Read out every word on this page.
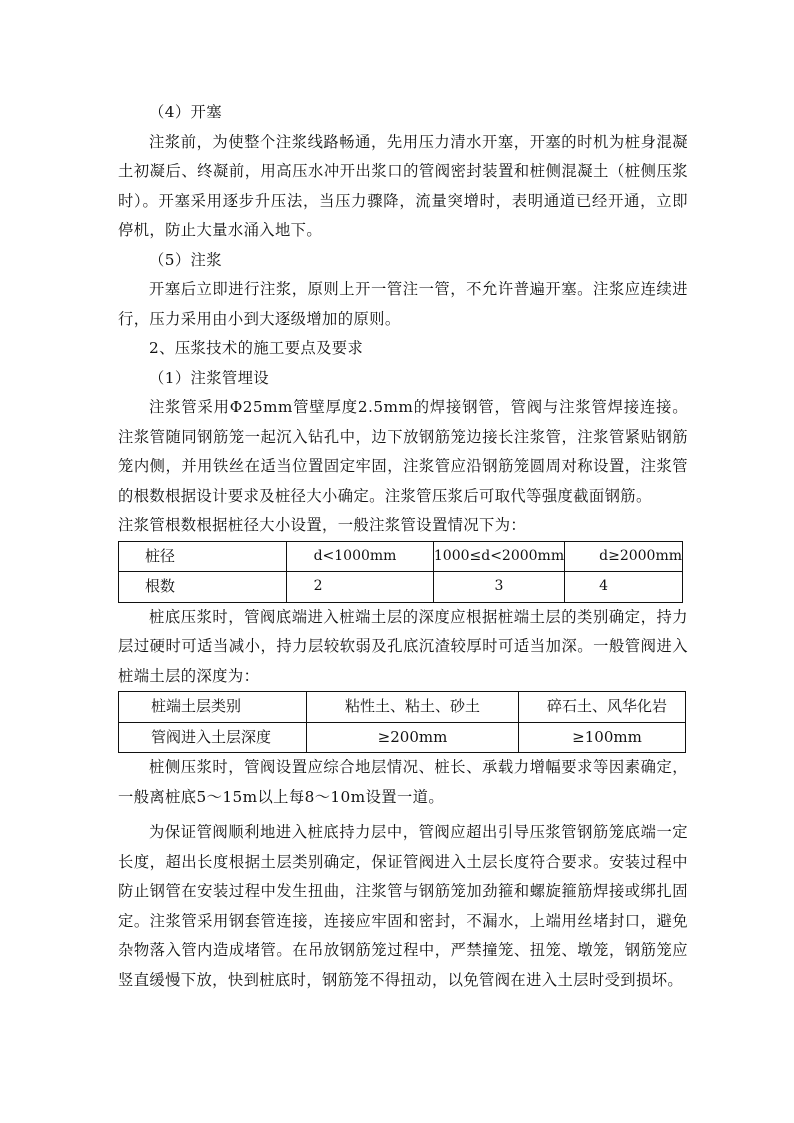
（4）开塞

注浆前，为使整个注浆线路畅通，先用压力清水开塞，开塞的时机为桩身混凝土初凝后、终凝前，用高压水冲开出浆口的管阀密封装置和桩侧混凝土（桩侧压浆时）。开塞采用逐步升压法，当压力骤降，流量突增时，表明通道已经开通，立即停机，防止大量水涌入地下。

（5）注浆

开塞后立即进行注浆，原则上开一管注一管，不允许普遍开塞。注浆应连续进行，压力采用由小到大逐级增加的原则。

2、压浆技术的施工要点及要求

（1）注浆管埋设

注浆管采用Φ25mm管壁厚度2.5mm的焊接钢管，管阀与注浆管焊接连接。注浆管随同钢筋笼一起沉入钻孔中，边下放钢筋笼边接长注浆管，注浆管紧贴钢筋笼内侧，并用铁丝在适当位置固定牢固，注浆管应沿钢筋笼圆周对称设置，注浆管的根数根据设计要求及桩径大小确定。注浆管压浆后可取代等强度截面钢筋。

注浆管根数根据桩径大小设置，一般注浆管设置情况下为：

桩径	d<1000mm	1000≤d<2000mm	d≥2000mm
根数	2	3	4

桩底压浆时，管阀底端进入桩端土层的深度应根据桩端土层的类别确定，持力层过硬时可适当减小，持力层较软弱及孔底沉渣较厚时可适当加深。一般管阀进入桩端土层的深度为：

桩端土层类别	粘性土、粘土、砂土	碎石土、风华化岩
管阀进入土层深度	≥200mm	≥100mm

桩侧压浆时，管阀设置应综合地层情况、桩长、承载力增幅要求等因素确定，一般离桩底5～15m以上每8～10m设置一道。

为保证管阀顺利地进入桩底持力层中，管阀应超出引导压浆管钢筋笼底端一定长度，超出长度根据土层类别确定，保证管阀进入土层长度符合要求。安装过程中防止钢管在安装过程中发生扭曲，注浆管与钢筋笼加劲箍和螺旋箍筋焊接或绑扎固定。注浆管采用钢套管连接，连接应牢固和密封，不漏水，上端用丝堵封口，避免杂物落入管内造成堵管。在吊放钢筋笼过程中，严禁撞笼、扭笼、墩笼，钢筋笼应竖直缓慢下放，快到桩底时，钢筋笼不得扭动，以免管阀在进入土层时受到损坏。
